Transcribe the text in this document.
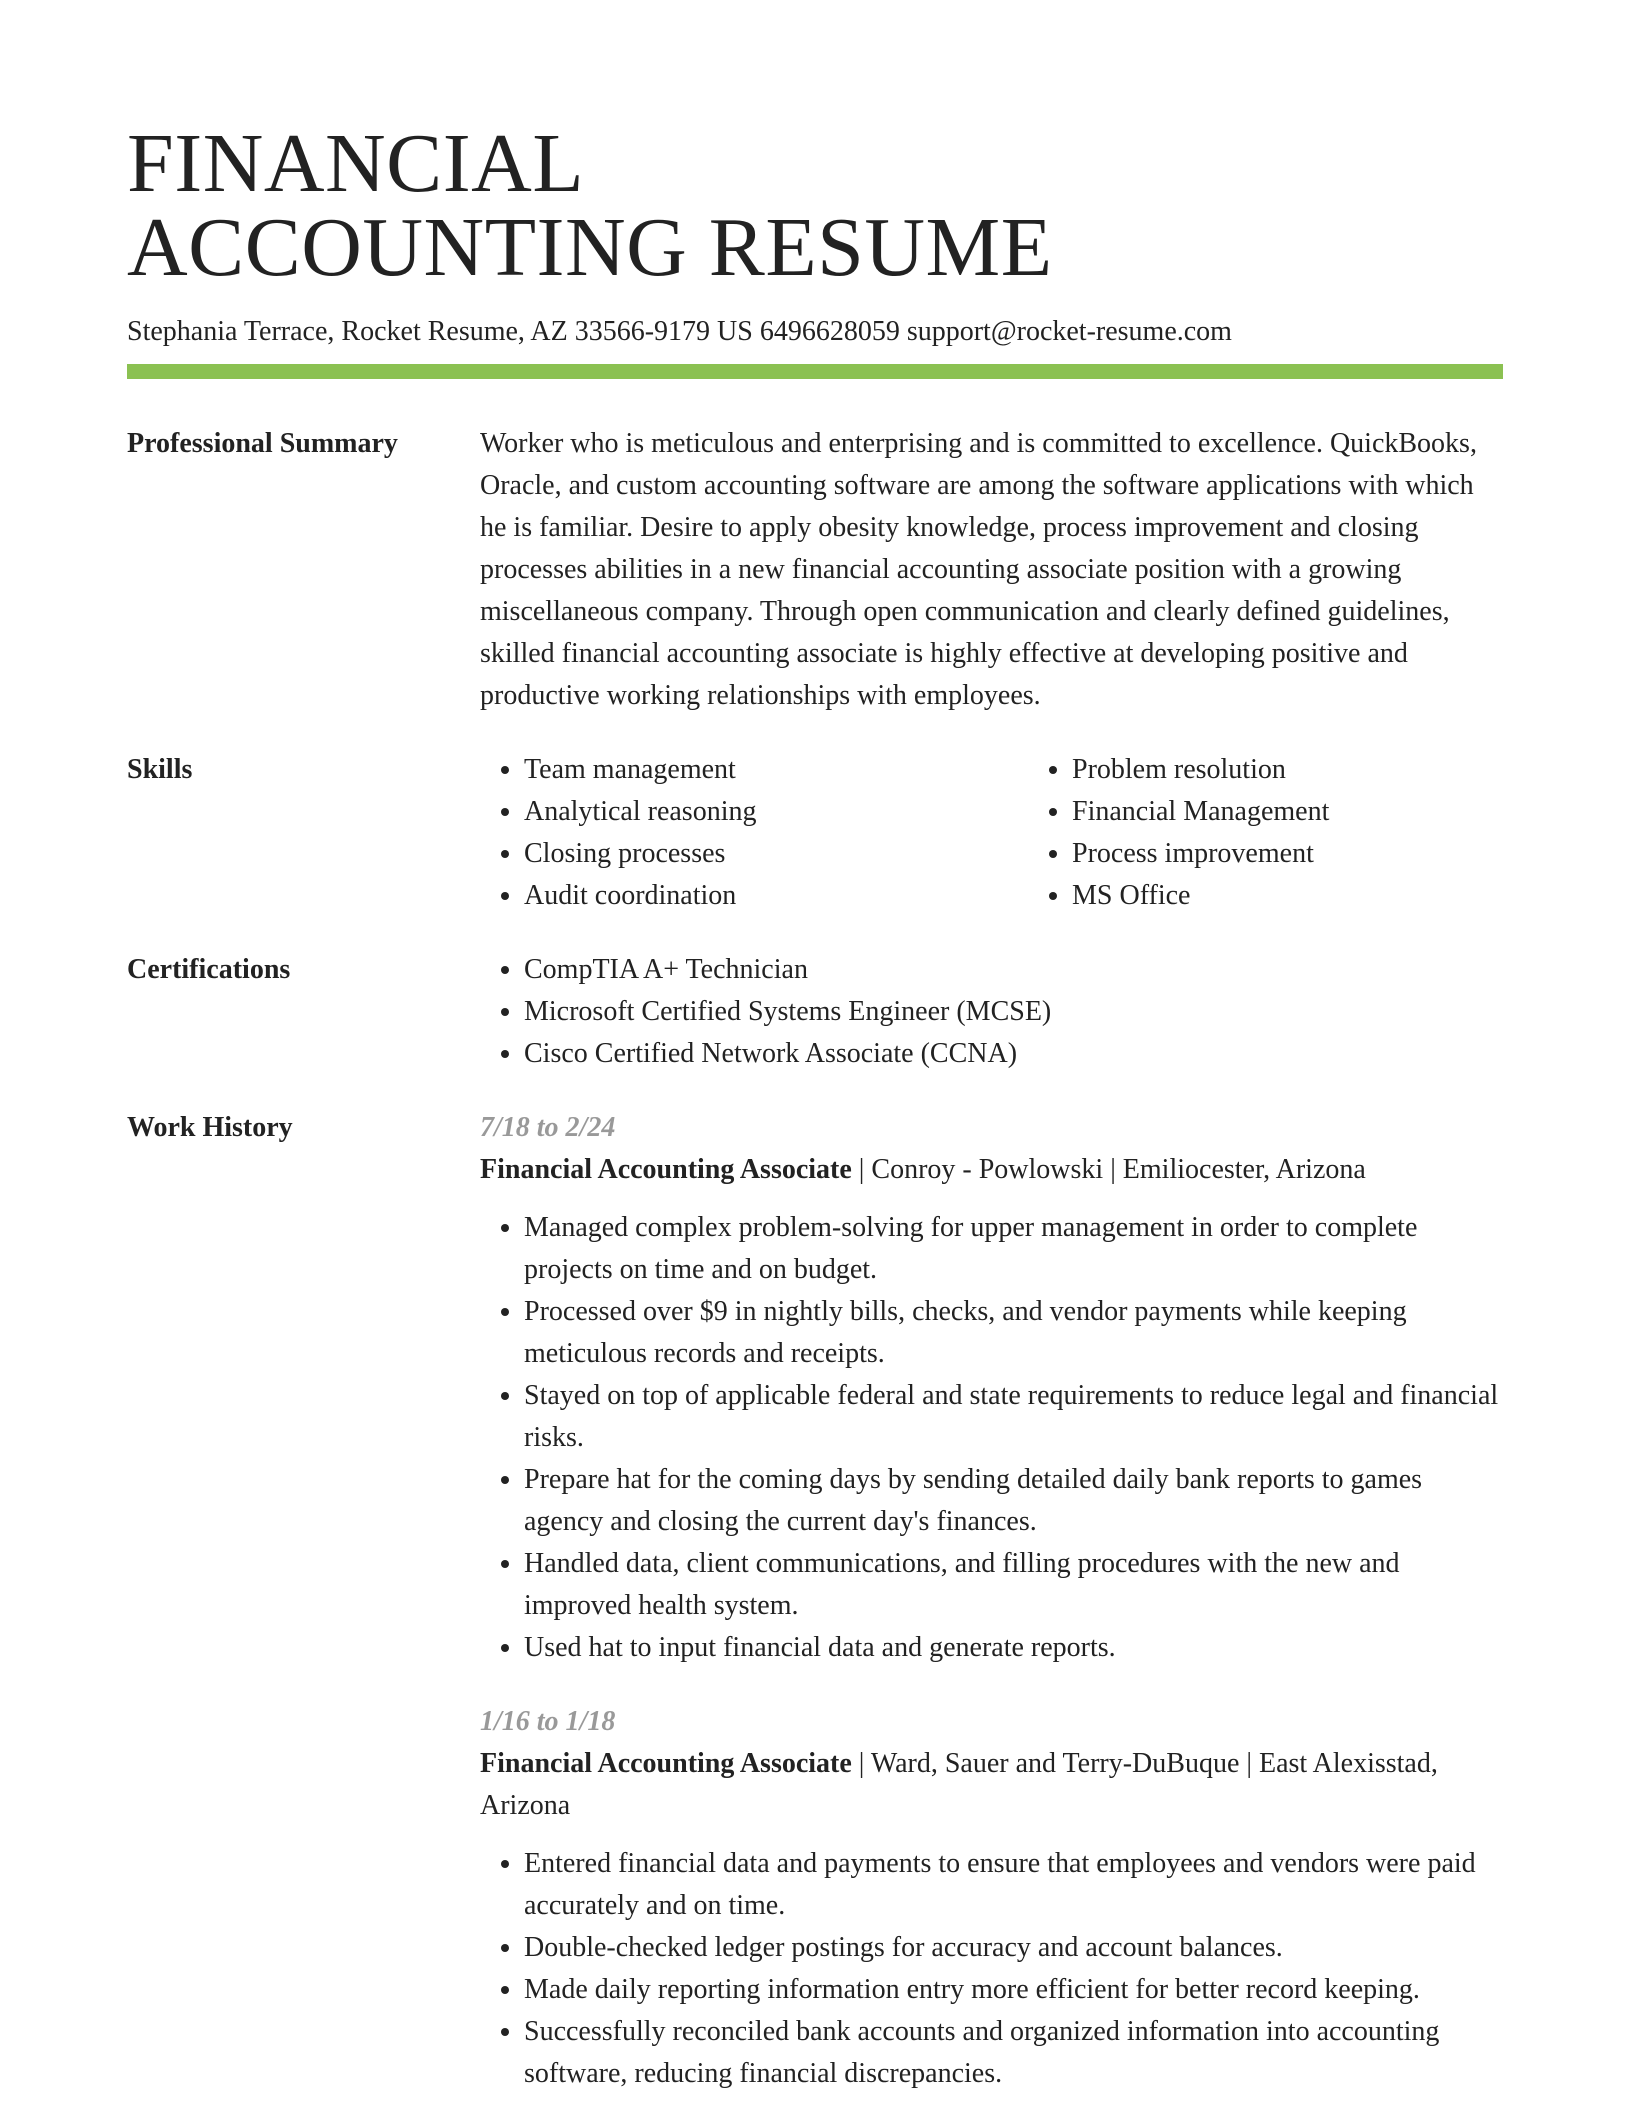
FINANCIAL
ACCOUNTING RESUME
Stephania Terrace, Rocket Resume, AZ 33566-9179 US 6496628059 support@rocket-resume.com
Professional Summary	Worker who is meticulous and enterprising and is committed to excellence. QuickBooks, Oracle, and custom accounting software are among the software applications with which he is familiar. Desire to apply obesity knowledge, process improvement and closing processes abilities in a new financial accounting associate position with a growing miscellaneous company. Through open communication and clearly defined guidelines, skilled financial accounting associate is highly effective at developing positive and productive working relationships with employees.

Skills	• Team management
• Analytical reasoning
• Closing processes
• Audit coordination
• Problem resolution
• Financial Management
• Process improvement
• MS Office
Certifications	• CompTIA A+ Technician
• Microsoft Certified Systems Engineer (MCSE)
• Cisco Certified Network Associate (CCNA)
Work History	7/18 to 2/24
Financial Accounting Associate | Conroy - Powlowski | Emiliocester, Arizona
• Managed complex problem-solving for upper management in order to complete projects on time and on budget.
• Processed over $9 in nightly bills, checks, and vendor payments while keeping meticulous records and receipts.
• Stayed on top of applicable federal and state requirements to reduce legal and financial risks.
• Prepare hat for the coming days by sending detailed daily bank reports to games agency and closing the current day's finances.
• Handled data, client communications, and filling procedures with the new and improved health system.
• Used hat to input financial data and generate reports.
1/16 to 1/18
Financial Accounting Associate | Ward, Sauer and Terry-DuBuque | East Alexisstad, Arizona
• Entered financial data and payments to ensure that employees and vendors were paid accurately and on time.
• Double-checked ledger postings for accuracy and account balances.
• Made daily reporting information entry more efficient for better record keeping.
• Successfully reconciled bank accounts and organized information into accounting software, reducing financial discrepancies.
